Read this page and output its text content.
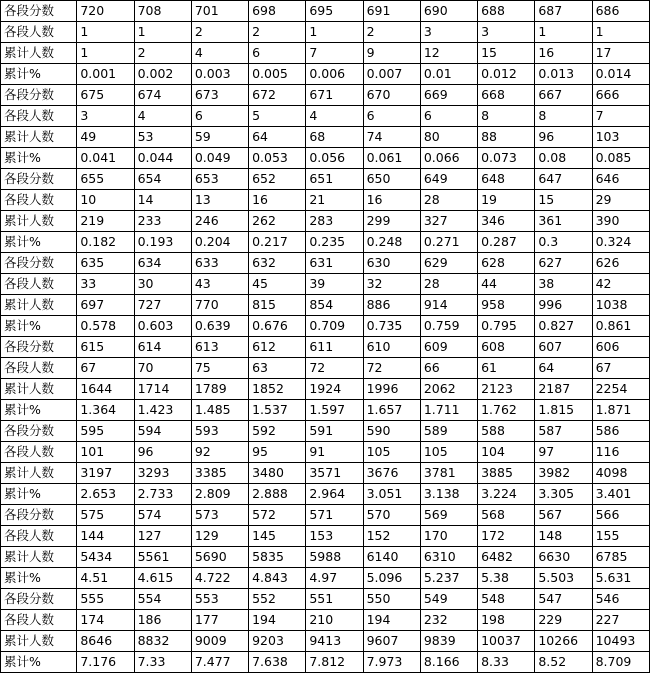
各段分数	720	708	701	698	695	691	690	688	687	686
各段人数	1	1	2	2	1	2	3	3	1	1
累计人数	1	2	4	6	7	9	12	15	16	17
累计%	0.001	0.002	0.003	0.005	0.006	0.007	0.01	0.012	0.013	0.014
各段分数	675	674	673	672	671	670	669	668	667	666
各段人数	3	4	6	5	4	6	6	8	8	7
累计人数	49	53	59	64	68	74	80	88	96	103
累计%	0.041	0.044	0.049	0.053	0.056	0.061	0.066	0.073	0.08	0.085
各段分数	655	654	653	652	651	650	649	648	647	646
各段人数	10	14	13	16	21	16	28	19	15	29
累计人数	219	233	246	262	283	299	327	346	361	390
累计%	0.182	0.193	0.204	0.217	0.235	0.248	0.271	0.287	0.3	0.324
各段分数	635	634	633	632	631	630	629	628	627	626
各段人数	33	30	43	45	39	32	28	44	38	42
累计人数	697	727	770	815	854	886	914	958	996	1038
累计%	0.578	0.603	0.639	0.676	0.709	0.735	0.759	0.795	0.827	0.861
各段分数	615	614	613	612	611	610	609	608	607	606
各段人数	67	70	75	63	72	72	66	61	64	67
累计人数	1644	1714	1789	1852	1924	1996	2062	2123	2187	2254
累计%	1.364	1.423	1.485	1.537	1.597	1.657	1.711	1.762	1.815	1.871
各段分数	595	594	593	592	591	590	589	588	587	586
各段人数	101	96	92	95	91	105	105	104	97	116
累计人数	3197	3293	3385	3480	3571	3676	3781	3885	3982	4098
累计%	2.653	2.733	2.809	2.888	2.964	3.051	3.138	3.224	3.305	3.401
各段分数	575	574	573	572	571	570	569	568	567	566
各段人数	144	127	129	145	153	152	170	172	148	155
累计人数	5434	5561	5690	5835	5988	6140	6310	6482	6630	6785
累计%	4.51	4.615	4.722	4.843	4.97	5.096	5.237	5.38	5.503	5.631
各段分数	555	554	553	552	551	550	549	548	547	546
各段人数	174	186	177	194	210	194	232	198	229	227
累计人数	8646	8832	9009	9203	9413	9607	9839	10037	10266	10493
累计%	7.176	7.33	7.477	7.638	7.812	7.973	8.166	8.33	8.52	8.709
